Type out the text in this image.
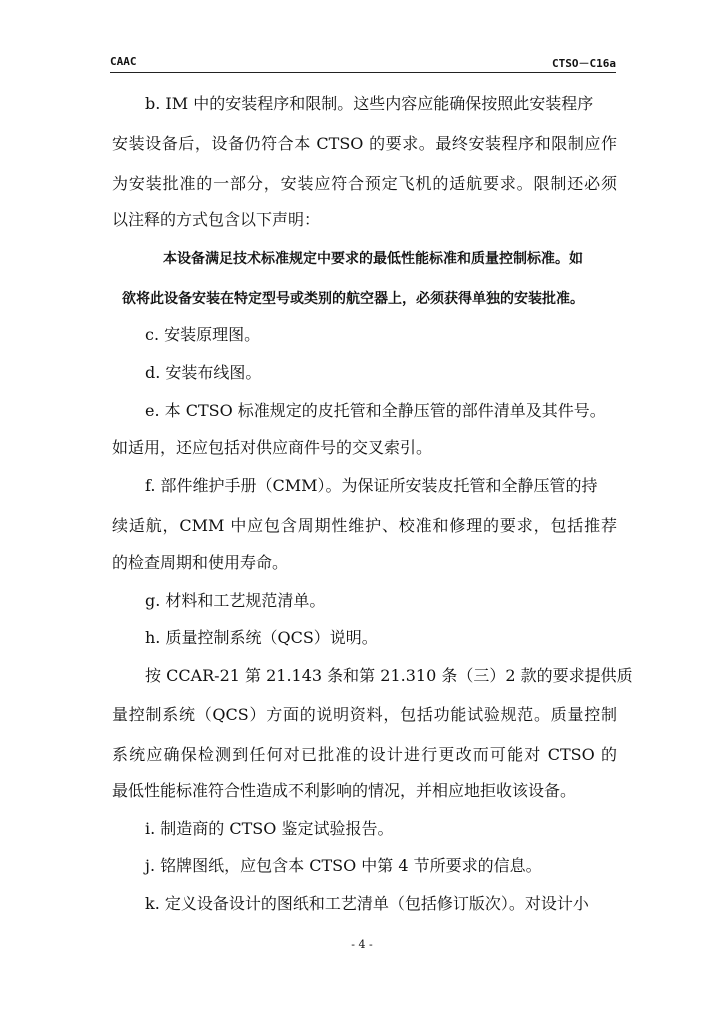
CAAC	CTSO－C16a
b. IM 中的安装程序和限制。这些内容应能确保按照此安装程序
安装设备后，设备仍符合本 CTSO 的要求。最终安装程序和限制应作
为安装批准的一部分，安装应符合预定飞机的适航要求。限制还必须
以注释的方式包含以下声明：
本设备满足技术标准规定中要求的最低性能标准和质量控制标准。如
欲将此设备安装在特定型号或类别的航空器上，必须获得单独的安装批准。
c. 安装原理图。
d. 安装布线图。
e. 本 CTSO 标准规定的皮托管和全静压管的部件清单及其件号。
如适用，还应包括对供应商件号的交叉索引。
f. 部件维护手册（CMM）。为保证所安装皮托管和全静压管的持
续适航，CMM 中应包含周期性维护、校准和修理的要求，包括推荐
的检查周期和使用寿命。
g. 材料和工艺规范清单。
h. 质量控制系统（QCS）说明。
按 CCAR-21 第 21.143 条和第 21.310 条（三）2 款的要求提供质
量控制系统（QCS）方面的说明资料，包括功能试验规范。质量控制
系统应确保检测到任何对已批准的设计进行更改而可能对 CTSO 的
最低性能标准符合性造成不利影响的情况，并相应地拒收该设备。
i. 制造商的 CTSO 鉴定试验报告。
j. 铭牌图纸，应包含本 CTSO 中第 4 节所要求的信息。
k. 定义设备设计的图纸和工艺清单（包括修订版次）。对设计小
- 4 -
